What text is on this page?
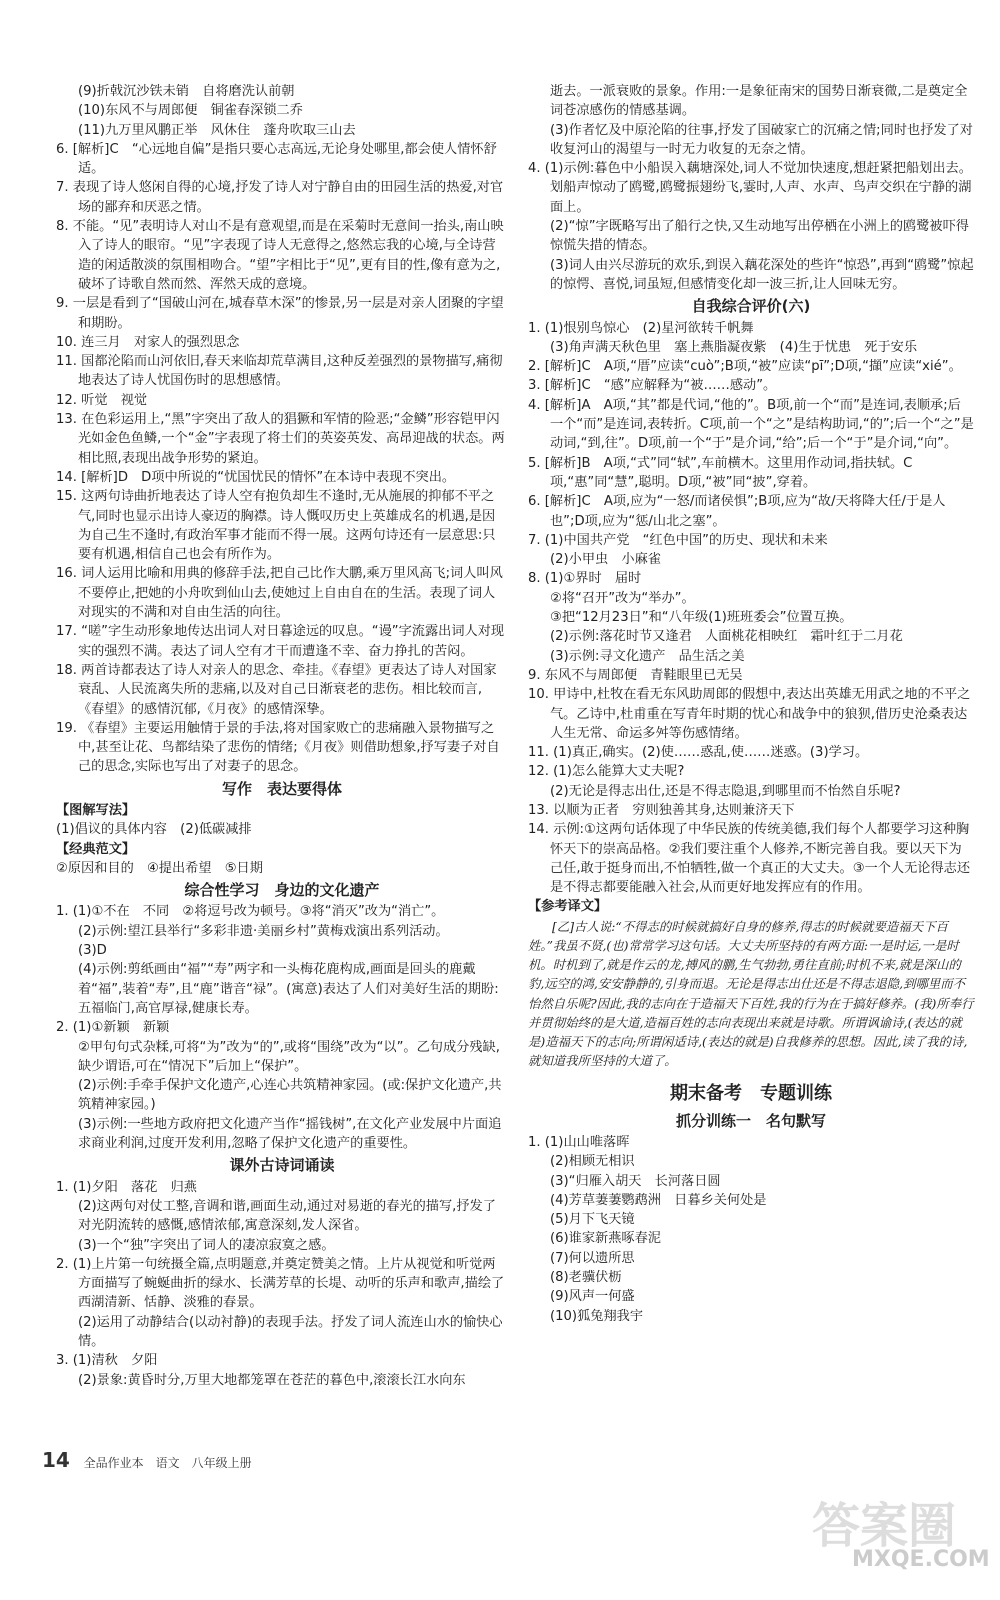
(9)折戟沉沙铁未销　自将磨洗认前朝

(10)东风不与周郎便　铜雀春深锁二乔

(11)九万里风鹏正举　风休住　蓬舟吹取三山去

6. [解析]C　“心远地自偏”是指只要心志高远,无论身处哪里,都会使人情怀舒适。

7. 表现了诗人悠闲自得的心境,抒发了诗人对宁静自由的田园生活的热爱,对官场的鄙弃和厌恶之情。

8. 不能。“见”表明诗人对山不是有意观望,而是在采菊时无意间一抬头,南山映入了诗人的眼帘。“见”字表现了诗人无意得之,悠然忘我的心境,与全诗营造的闲适散淡的氛围相吻合。“望”字相比于“见”,更有目的性,像有意为之,破坏了诗歌自然而然、浑然天成的意境。

9. 一层是看到了“国破山河在,城春草木深”的惨景,另一层是对亲人团聚的字望和期盼。

10. 连三月　对家人的强烈思念

11. 国都沦陷而山河依旧,春天来临却荒草满目,这种反差强烈的景物描写,痛彻地表达了诗人忧国伤时的思想感情。

12. 听觉　视觉

13. 在色彩运用上,“黑”字突出了敌人的猖獗和军情的险恶;“金鳞”形容铠甲闪光如金色鱼鳞,一个“金”字表现了将士们的英姿英发、高昂迎战的状态。两相比照,表现出战争形势的紧迫。

14. [解析]D　D项中所说的“忧国忧民的情怀”在本诗中表现不突出。

15. 这两句诗曲折地表达了诗人空有抱负却生不逢时,无从施展的抑郁不平之气,同时也显示出诗人豪迈的胸襟。诗人慨叹历史上英雄成名的机遇,是因为自己生不逢时,有政治军事才能而不得一展。这两句诗还有一层意思:只要有机遇,相信自己也会有所作为。

16. 词人运用比喻和用典的修辞手法,把自己比作大鹏,乘万里风高飞;词人叫风不要停止,把她的小舟吹到仙山去,使她过上自由自在的生活。表现了词人对现实的不满和对自由生活的向往。

17. “嗟”字生动形象地传达出词人对日暮途远的叹息。“谩”字流露出词人对现实的强烈不满。表达了词人空有才干而遭逢不幸、奋力挣扎的苦闷。

18. 两首诗都表达了诗人对亲人的思念、牵挂。《春望》更表达了诗人对国家衰乱、人民流离失所的悲痛,以及对自己日渐衰老的悲伤。相比较而言,《春望》的感情沉郁,《月夜》的感情深挚。

19. 《春望》主要运用触情于景的手法,将对国家败亡的悲痛融入景物描写之中,甚至让花、鸟都结染了悲伤的情绪;《月夜》则借助想象,抒写妻子对自己的思念,实际也写出了对妻子的思念。

写作　表达要得体

【图解写法】

(1)倡议的具体内容　(2)低碳减排

【经典范文】

②原因和目的　④提出希望　⑤日期

综合性学习　身边的文化遗产

1. (1)①不在　不同　②将逗号改为顿号。③将“消灭”改为“消亡”。

(2)示例:望江县举行“多彩非遗·美丽乡村”黄梅戏演出系列活动。

(3)D

(4)示例:剪纸画由“福”“寿”两字和一头梅花鹿构成,画面是回头的鹿戴着“福”,装着“寿”,且“鹿”谐音“禄”。(寓意)表达了人们对美好生活的期盼:五福临门,高官厚禄,健康长寿。

2. (1)①新颖　新颖

②甲句句式杂糅,可将“为”改为“的”,或将“围绕”改为“以”。乙句成分残缺,缺少谓语,可在“情况下”后加上“保护”。

(2)示例:手牵手保护文化遗产,心连心共筑精神家园。(或:保护文化遗产,共筑精神家园。)

(3)示例:一些地方政府把文化遗产当作“摇钱树”,在文化产业发展中片面追求商业利润,过度开发利用,忽略了保护文化遗产的重要性。

课外古诗词诵读

1. (1)夕阳　落花　归燕

(2)这两句对仗工整,音调和谐,画面生动,通过对易逝的春光的描写,抒发了对光阴流转的感慨,感情浓郁,寓意深刻,发人深省。

(3)一个“独”字突出了词人的凄凉寂寞之感。

2. (1)上片第一句统摄全篇,点明题意,并奠定赞美之情。上片从视觉和听觉两方面描写了蜿蜒曲折的绿水、长满芳草的长堤、动听的乐声和歌声,描绘了西湖清新、恬静、淡雅的春景。

(2)运用了动静结合(以动衬静)的表现手法。抒发了词人流连山水的愉快心情。

3. (1)清秋　夕阳

(2)景象:黄昏时分,万里大地都笼罩在苍茫的暮色中,滚滚长江水向东

逝去。一派衰败的景象。作用:一是象征南宋的国势日渐衰微,二是奠定全词苍凉感伤的情感基调。

(3)作者忆及中原沦陷的往事,抒发了国破家亡的沉痛之情;同时也抒发了对收复河山的渴望与一时无力收复的无奈之情。

4. (1)示例:暮色中小船误入藕塘深处,词人不觉加快速度,想赶紧把船划出去。划船声惊动了鸥鹭,鸥鹭振翅纷飞,霎时,人声、水声、鸟声交织在宁静的湖面上。

(2)“惊”字既略写出了船行之快,又生动地写出停栖在小洲上的鸥鹭被吓得惊慌失措的情态。

(3)词人由兴尽游玩的欢乐,到误入藕花深处的些许“惊恐”,再到“鸥鹭”惊起的惊愕、喜悦,词虽短,但感情变化却一波三折,让人回味无穷。

自我综合评价(六)

1. (1)恨别鸟惊心　(2)星河欲转千帆舞

(3)角声满天秋色里　塞上燕脂凝夜紫　(4)生于忧患　死于安乐

2. [解析]C　A项,“厝”应读“cuò”;B项,“被”应读“pī”;D项,“擷”应读“xié”。

3. [解析]C　“感”应解释为“被……感动”。

4. [解析]A　A项,“其”都是代词,“他的”。B项,前一个“而”是连词,表顺承;后一个“而”是连词,表转折。C项,前一个“之”是结构助词,“的”;后一个“之”是动词,“到,往”。D项,前一个“于”是介词,“给”;后一个“于”是介词,“向”。

5. [解析]B　A项,“式”同“轼”,车前横木。这里用作动词,指扶轼。C项,“惠”同“慧”,聪明。D项,“被”同“披”,穿着。

6. [解析]C　A项,应为“一怒/而诸侯惧”;B项,应为“故/天将降大任/于是人也”;D项,应为“惩/山北之塞”。

7. (1)中国共产党　“红色中国”的历史、现状和未来

(2)小甲虫　小麻雀

8. (1)①界时　届时

②将“召开”改为“举办”。

③把“12月23日”和“八年级(1)班班委会”位置互换。

(2)示例:落花时节又逢君　人面桃花相映红　霜叶红于二月花

(3)示例:寻文化遗产　品生活之美

9. 东风不与周郎便　青鞋眼里已无吴

10. 甲诗中,杜牧在看无东风助周郎的假想中,表达出英雄无用武之地的不平之气。乙诗中,杜甫重在写青年时期的忧心和战争中的狼狈,借历史沧桑表达人生无常、命运多舛等伤感情绪。

11. (1)真正,确实。(2)使……惑乱,使……迷惑。(3)学习。

12. (1)怎么能算大丈夫呢?

(2)无论是得志出仕,还是不得志隐退,到哪里而不怡然自乐呢?

13. 以顺为正者　穷则独善其身,达则兼济天下

14. 示例:①这两句话体现了中华民族的传统美德,我们每个人都要学习这种胸怀天下的崇高品格。②我们要注重个人修养,不断完善自我。要以天下为己任,敢于挺身而出,不怕牺牲,做一个真正的大丈夫。③一个人无论得志还是不得志都要能融入社会,从而更好地发挥应有的作用。

【参考译文】

[乙]古人说:“不得志的时候就搞好自身的修养,得志的时候就要造福天下百姓。”我虽不贤,(也)常常学习这句话。大丈夫所坚持的有两方面:一是时运,一是时机。时机到了,就是作云的龙,搏风的鹏,生气勃勃,勇往直前;时机不来,就是深山的豹,远空的鸿,安安静静的,引身而退。无论是得志出仕还是不得志退隐,到哪里而不怡然自乐呢?因此,我的志向在于造福天下百姓,我的行为在于搞好修养。(我)所奉行并贯彻始终的是大道,造福百姓的志向表现出来就是诗歌。所谓讽谕诗,(表达的就是)造福天下的志向;所谓闲适诗,(表达的就是)自我修养的思想。因此,读了我的诗,就知道我所坚持的大道了。

期末备考　专题训练

抓分训练一　名句默写

1. (1)山山唯落晖

(2)相顾无相识

(3)“归雁入胡天　长河落日圆

(4)芳草萋萋鹦鹉洲　日暮乡关何处是

(5)月下飞天镜

(6)谁家新燕啄春泥

(7)何以遗所思

(8)老骥伏枥

(9)风声一何盛

(10)狐兔翔我宇

14 全品作业本　语文　八年级上册
答案圈
MXQE.COM
